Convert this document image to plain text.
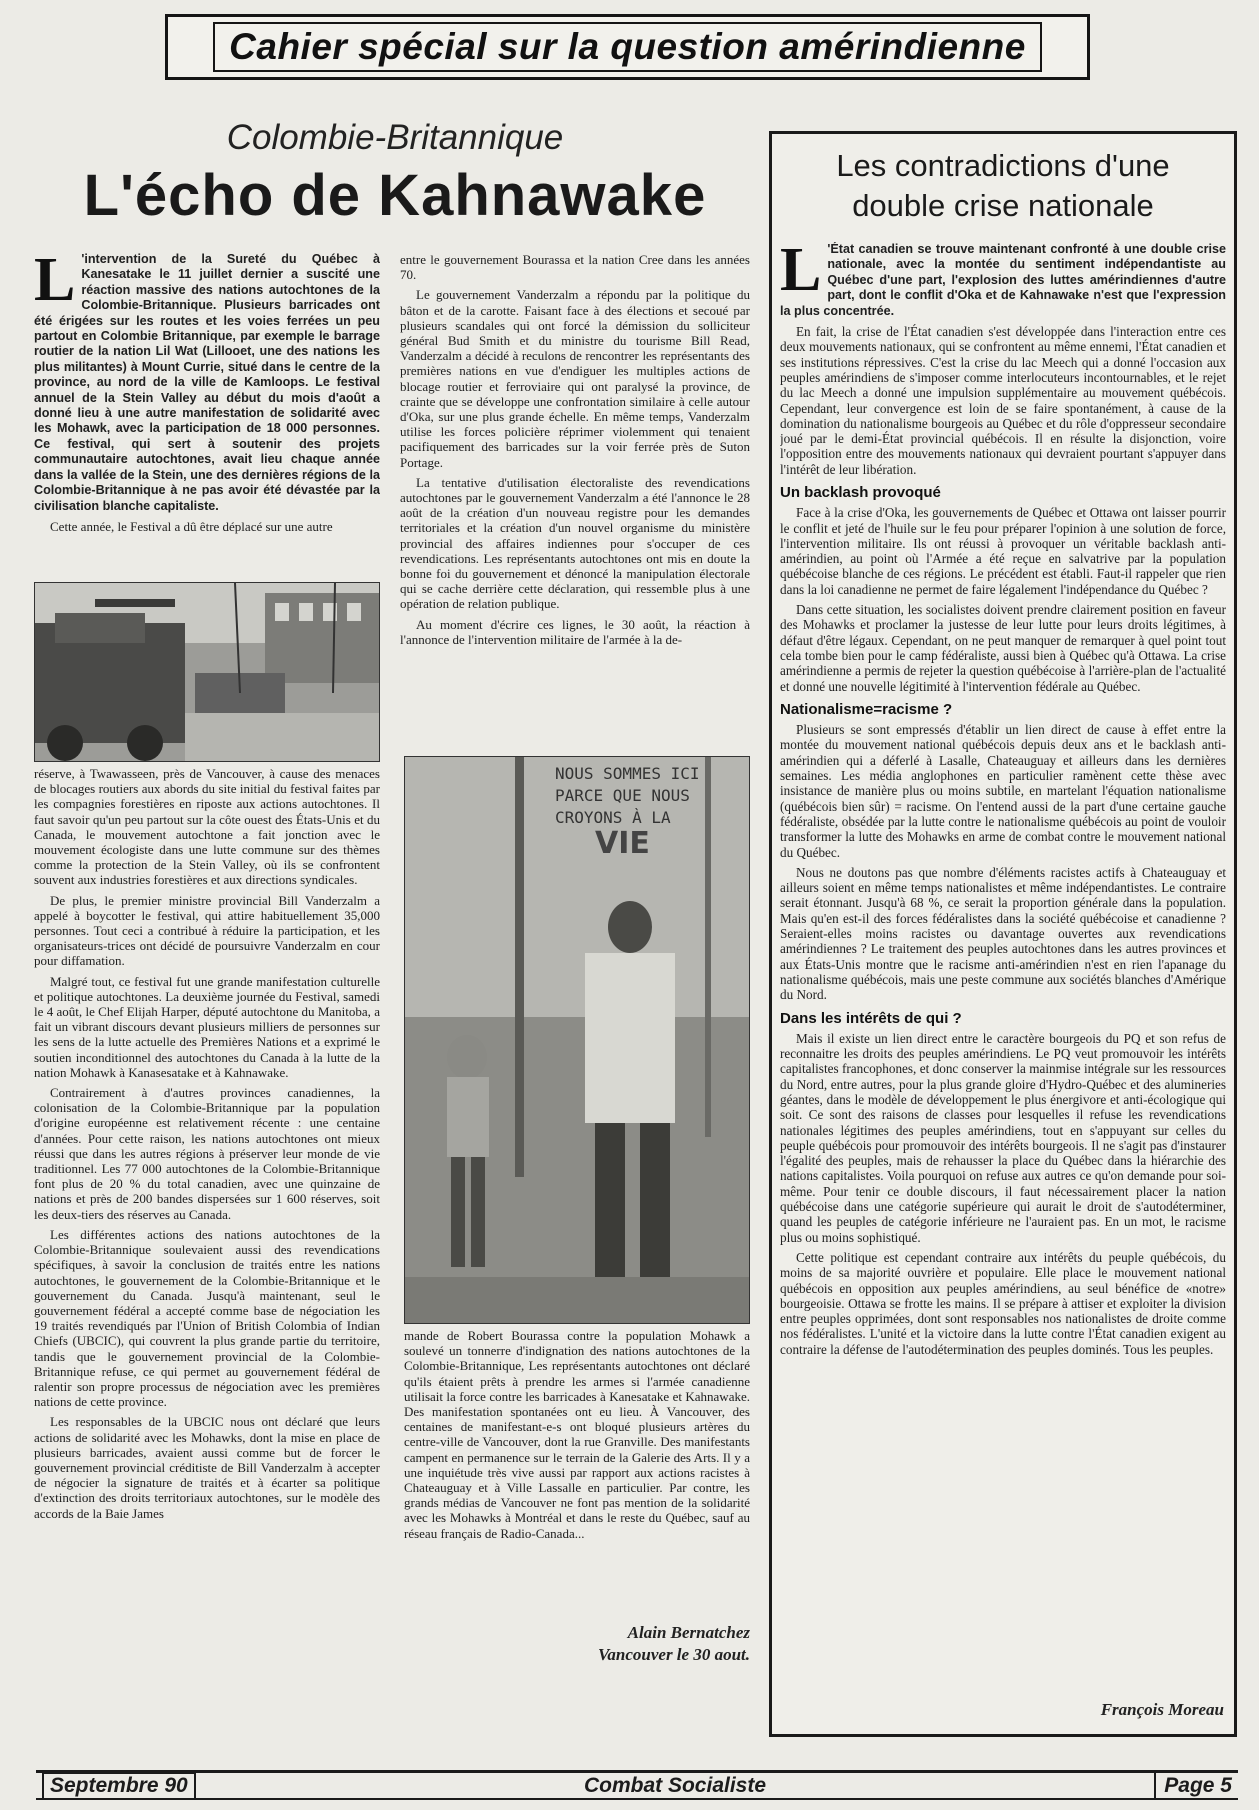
Cahier spécial sur la question amérindienne
Colombie-Britannique
L'écho de Kahnawake

L 'intervention de la Sureté du Québec à Kanesatake le 11 juillet dernier a suscité une réaction massive des nations autochtones de la Colombie-Britannique. Plusieurs barricades ont été érigées sur les routes et les voies ferrées un peu partout en Colombie Britannique, par exemple le barrage routier de la nation Lil Wat (Lillooet, une des nations les plus militantes) à Mount Currie, situé dans le centre de la province, au nord de la ville de Kamloops. Le festival annuel de la Stein Valley au début du mois d'août a donné lieu à une autre manifestation de solidarité avec les Mohawk, avec la participation de 18 000 personnes. Ce festival, qui sert à soutenir des projets communautaire autochtones, avait lieu chaque année dans la vallée de la Stein, une des dernières régions de la Colombie-Britannique à ne pas avoir été dévastée par la civilisation blanche capitaliste.

Cette année, le Festival a dû être déplacé sur une autre

réserve, à Twawasseen, près de Vancouver, à cause des menaces de blocages routiers aux abords du site initial du festival faites par les compagnies forestières en riposte aux actions autochtones. Il faut savoir qu'un peu partout sur la côte ouest des États-Unis et du Canada, le mouvement autochtone a fait jonction avec le mouvement écologiste dans une lutte commune sur des thèmes comme la protection de la Stein Valley, où ils se confrontent souvent aux industries forestières et aux directions syndicales.

De plus, le premier ministre provincial Bill Vanderzalm a appelé à boycotter le festival, qui attire habituellement 35,000 personnes. Tout ceci a contribué à réduire la participation, et les organisateurs-trices ont décidé de poursuivre Vanderzalm en cour pour diffamation.

Malgré tout, ce festival fut une grande manifestation culturelle et politique autochtones. La deuxième journée du Festival, samedi le 4 août, le Chef Elijah Harper, député autochtone du Manitoba, a fait un vibrant discours devant plusieurs milliers de personnes sur les sens de la lutte actuelle des Premières Nations et a exprimé le soutien inconditionnel des autochtones du Canada à la lutte de la nation Mohawk à Kanasesatake et à Kahnawake.

Contrairement à d'autres provinces canadiennes, la colonisation de la Colombie-Britannique par la population d'origine européenne est relativement récente : une centaine d'années. Pour cette raison, les nations autochtones ont mieux réussi que dans les autres régions à préserver leur monde de vie traditionnel. Les 77 000 autochtones de la Colombie-Britannique font plus de 20 % du total canadien, avec une quinzaine de nations et près de 200 bandes dispersées sur 1 600 réserves, soit les deux-tiers des réserves au Canada.

Les différentes actions des nations autochtones de la Colombie-Britannique soulevaient aussi des revendications spécifiques, à savoir la conclusion de traités entre les nations autochtones, le gouvernement de la Colombie-Britannique et le gouvernement du Canada. Jusqu'à maintenant, seul le gouvernement fédéral a accepté comme base de négociation les 19 traités revendiqués par l'Union of British Colombia of Indian Chiefs (UBCIC), qui couvrent la plus grande partie du territoire, tandis que le gouvernement provincial de la Colombie-Britannique refuse, ce qui permet au gouvernement fédéral de ralentir son propre processus de négociation avec les premières nations de cette province.

Les responsables de la UBCIC nous ont déclaré que leurs actions de solidarité avec les Mohawks, dont la mise en place de plusieurs barricades, avaient aussi comme but de forcer le gouvernement provincial créditiste de Bill Vanderzalm à accepter de négocier la signature de traités et à écarter sa politique d'extinction des droits territoriaux autochtones, sur le modèle des accords de la Baie James

entre le gouvernement Bourassa et la nation Cree dans les années 70.

Le gouvernement Vanderzalm a répondu par la politique du bâton et de la carotte. Faisant face à des élections et secoué par plusieurs scandales qui ont forcé la démission du solliciteur général Bud Smith et du ministre du tourisme Bill Read, Vanderzalm a décidé à reculons de rencontrer les représentants des premières nations en vue d'endiguer les multiples actions de blocage routier et ferroviaire qui ont paralysé la province, de crainte que se développe une confrontation similaire à celle autour d'Oka, sur une plus grande échelle. En même temps, Vanderzalm utilise les forces policière réprimer violemment qui tenaient pacifiquement des barricades sur la voir ferrée près de Suton Portage.

La tentative d'utilisation électoraliste des revendications autochtones par le gouvernement Vanderzalm a été l'annonce le 28 août de la création d'un nouveau registre pour les demandes territoriales et la création d'un nouvel organisme du ministère provincial des affaires indiennes pour s'occuper de ces revendications. Les représentants autochtones ont mis en doute la bonne foi du gouvernement et dénoncé la manipulation électorale qui se cache derrière cette déclaration, qui ressemble plus à une opération de relation publique.

Au moment d'écrire ces lignes, le 30 août, la réaction à l'annonce de l'intervention militaire de l'armée à la de-

NOUS SOMMES ICI
PARCE QUE NOUS
CROYONS À LA
VIE

mande de Robert Bourassa contre la population Mohawk a soulevé un tonnerre d'indignation des nations autochtones de la Colombie-Britannique, Les représentants autochtones ont déclaré qu'ils étaient prêts à prendre les armes si l'armée canadienne utilisait la force contre les barricades à Kanesatake et Kahnawake. Des manifestation spontanées ont eu lieu. À Vancouver, des centaines de manifestant-e-s ont bloqué plusieurs artères du centre-ville de Vancouver, dont la rue Granville. Des manifestants campent en permanence sur le terrain de la Galerie des Arts. Il y a une inquiétude très vive aussi par rapport aux actions racistes à Chateauguay et à Ville Lassalle en particulier. Par contre, les grands médias de Vancouver ne font pas mention de la solidarité avec les Mohawks à Montréal et dans le reste du Québec, sauf au réseau français de Radio-Canada...

Alain Bernatchez
Vancouver le 30 aout.
Les contradictions d'une
double crise nationale

L 'État canadien se trouve maintenant confronté à une double crise nationale, avec la montée du sentiment indépendantiste au Québec d'une part, l'explosion des luttes amérindiennes d'autre part, dont le conflit d'Oka et de Kahnawake n'est que l'expression la plus concentrée.

En fait, la crise de l'État canadien s'est développée dans l'interaction entre ces deux mouvements nationaux, qui se confrontent au même ennemi, l'État canadien et ses institutions répressives. C'est la crise du lac Meech qui a donné l'occasion aux peuples amérindiens de s'imposer comme interlocuteurs incontournables, et le rejet du lac Meech a donné une impulsion supplémentaire au mouvement québécois. Cependant, leur convergence est loin de se faire spontanément, à cause de la domination du nationalisme bourgeois au Québec et du rôle d'oppresseur secondaire joué par le demi-État provincial québécois. Il en résulte la disjonction, voire l'opposition entre des mouvements nationaux qui devraient pourtant s'appuyer dans l'intérêt de leur libération.

Un backlash provoqué

Face à la crise d'Oka, les gouvernements de Québec et Ottawa ont laisser pourrir le conflit et jeté de l'huile sur le feu pour préparer l'opinion à une solution de force, l'intervention militaire. Ils ont réussi à provoquer un véritable backlash anti-amérindien, au point où l'Armée a été reçue en salvatrive par la population québécoise blanche de ces régions. Le précédent est établi. Faut-il rappeler que rien dans la loi canadienne ne permet de faire légalement l'indépendance du Québec ?

Dans cette situation, les socialistes doivent prendre clairement position en faveur des Mohawks et proclamer la justesse de leur lutte pour leurs droits légitimes, à défaut d'être légaux. Cependant, on ne peut manquer de remarquer à quel point tout cela tombe bien pour le camp fédéraliste, aussi bien à Québec qu'à Ottawa. La crise amérindienne a permis de rejeter la question québécoise à l'arrière-plan de l'actualité et donné une nouvelle légitimité à l'intervention fédérale au Québec.

Nationalisme=racisme ?

Plusieurs se sont empressés d'établir un lien direct de cause à effet entre la montée du mouvement national québécois depuis deux ans et le backlash anti-amérindien qui a déferlé à Lasalle, Chateauguay et ailleurs dans les dernières semaines. Les média anglophones en particulier ramènent cette thèse avec insistance de manière plus ou moins subtile, en martelant l'équation nationalisme (québécois bien sûr) = racisme. On l'entend aussi de la part d'une certaine gauche fédéraliste, obsédée par la lutte contre le nationalisme québécois au point de vouloir transformer la lutte des Mohawks en arme de combat contre le mouvement national du Québec.

Nous ne doutons pas que nombre d'éléments racistes actifs à Chateauguay et ailleurs soient en même temps nationalistes et même indépendantistes. Le contraire serait étonnant. Jusqu'à 68 %, ce serait la proportion générale dans la population. Mais qu'en est-il des forces fédéralistes dans la société québécoise et canadienne ? Seraient-elles moins racistes ou davantage ouvertes aux revendications amérindiennes ? Le traitement des peuples autochtones dans les autres provinces et aux États-Unis montre que le racisme anti-amérindien n'est en rien l'apanage du nationalisme québécois, mais une peste commune aux sociétés blanches d'Amérique du Nord.

Dans les intérêts de qui ?

Mais il existe un lien direct entre le caractère bourgeois du PQ et son refus de reconnaitre les droits des peuples amérindiens. Le PQ veut promouvoir les intérêts capitalistes francophones, et donc conserver la mainmise intégrale sur les ressources du Nord, entre autres, pour la plus grande gloire d'Hydro-Québec et des alumineries géantes, dans le modèle de développement le plus énergivore et anti-écologique qui soit. Ce sont des raisons de classes pour lesquelles il refuse les revendications nationales légitimes des peuples amérindiens, tout en s'appuyant sur celles du peuple québécois pour promouvoir des intérêts bourgeois. Il ne s'agit pas d'instaurer l'égalité des peuples, mais de rehausser la place du Québec dans la hiérarchie des nations capitalistes. Voila pourquoi on refuse aux autres ce qu'on demande pour soi-même. Pour tenir ce double discours, il faut nécessairement placer la nation québécoise dans une catégorie supérieure qui aurait le droit de s'autodéterminer, quand les peuples de catégorie inférieure ne l'auraient pas. En un mot, le racisme plus ou moins sophistiqué.

Cette politique est cependant contraire aux intérêts du peuple québécois, du moins de sa majorité ouvrière et populaire. Elle place le mouvement national québécois en opposition aux peuples amérindiens, au seul bénéfice de «notre» bourgeoisie. Ottawa se frotte les mains. Il se prépare à attiser et exploiter la division entre peuples opprimées, dont sont responsables nos nationalistes de droite comme nos fédéralistes. L'unité et la victoire dans la lutte contre l'État canadien exigent au contraire la défense de l'autodétermination des peuples dominés. Tous les peuples.

François Moreau
Septembre 90	Combat Socialiste	Page 5
